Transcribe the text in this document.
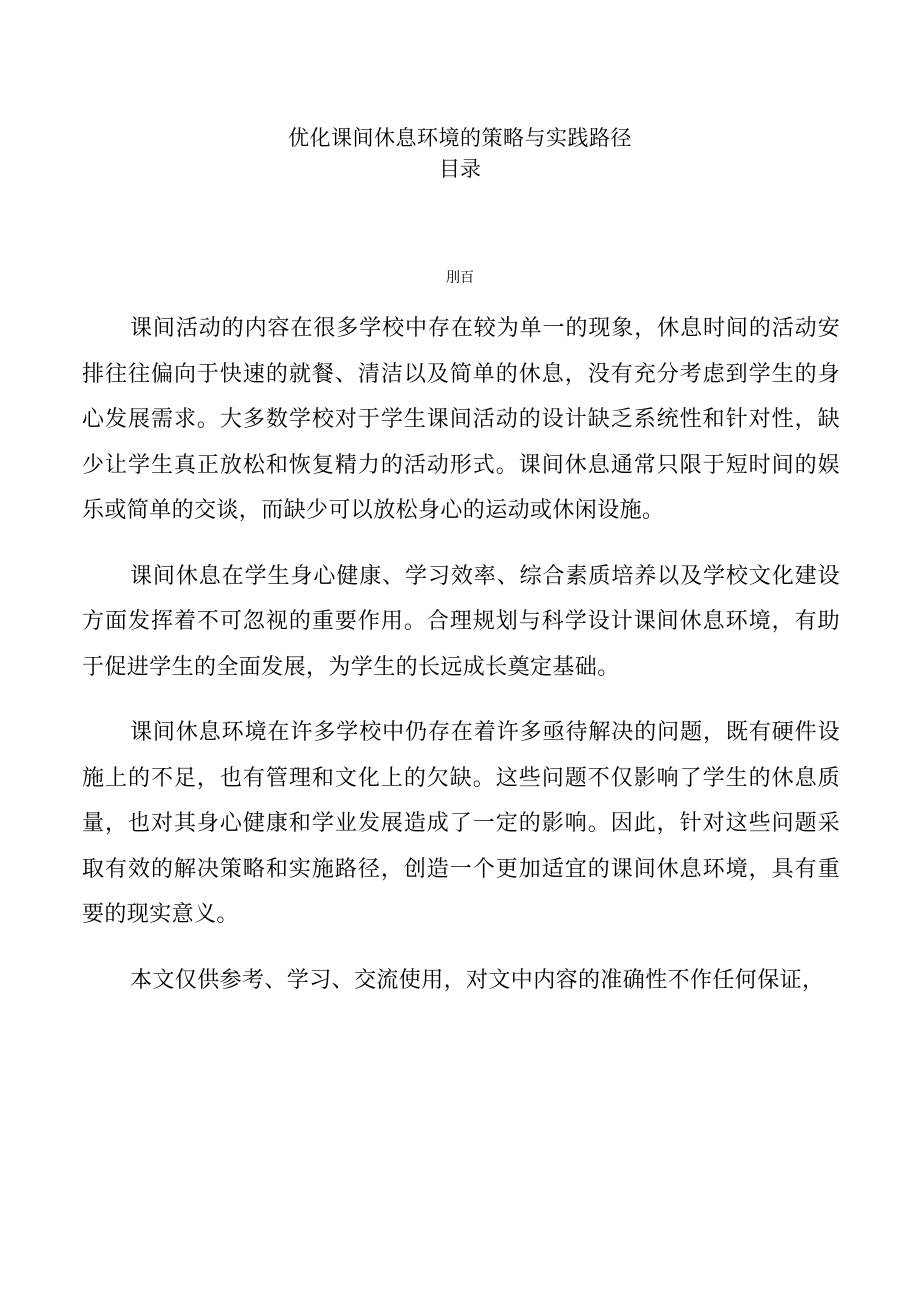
优化课间休息环境的策略与实践路径
目录
刖百

课间活动的内容在很多学校中存在较为单一的现象，休息时间的活动安排往往偏向于快速的就餐、清洁以及简单的休息，没有充分考虑到学生的身心发展需求。大多数学校对于学生课间活动的设计缺乏系统性和针对性，缺少让学生真正放松和恢复精力的活动形式。课间休息通常只限于短时间的娱乐或简单的交谈，而缺少可以放松身心的运动或休闲设施。

课间休息在学生身心健康、学习效率、综合素质培养以及学校文化建设方面发挥着不可忽视的重要作用。合理规划与科学设计课间休息环境，有助于促进学生的全面发展，为学生的长远成长奠定基础。

课间休息环境在许多学校中仍存在着许多亟待解决的问题，既有硬件设施上的不足，也有管理和文化上的欠缺。这些问题不仅影响了学生的休息质量，也对其身心健康和学业发展造成了一定的影响。因此，针对这些问题采取有效的解决策略和实施路径，创造一个更加适宜的课间休息环境，具有重要的现实意义。

本文仅供参考、学习、交流使用，对文中内容的准确性不作任何保证，
